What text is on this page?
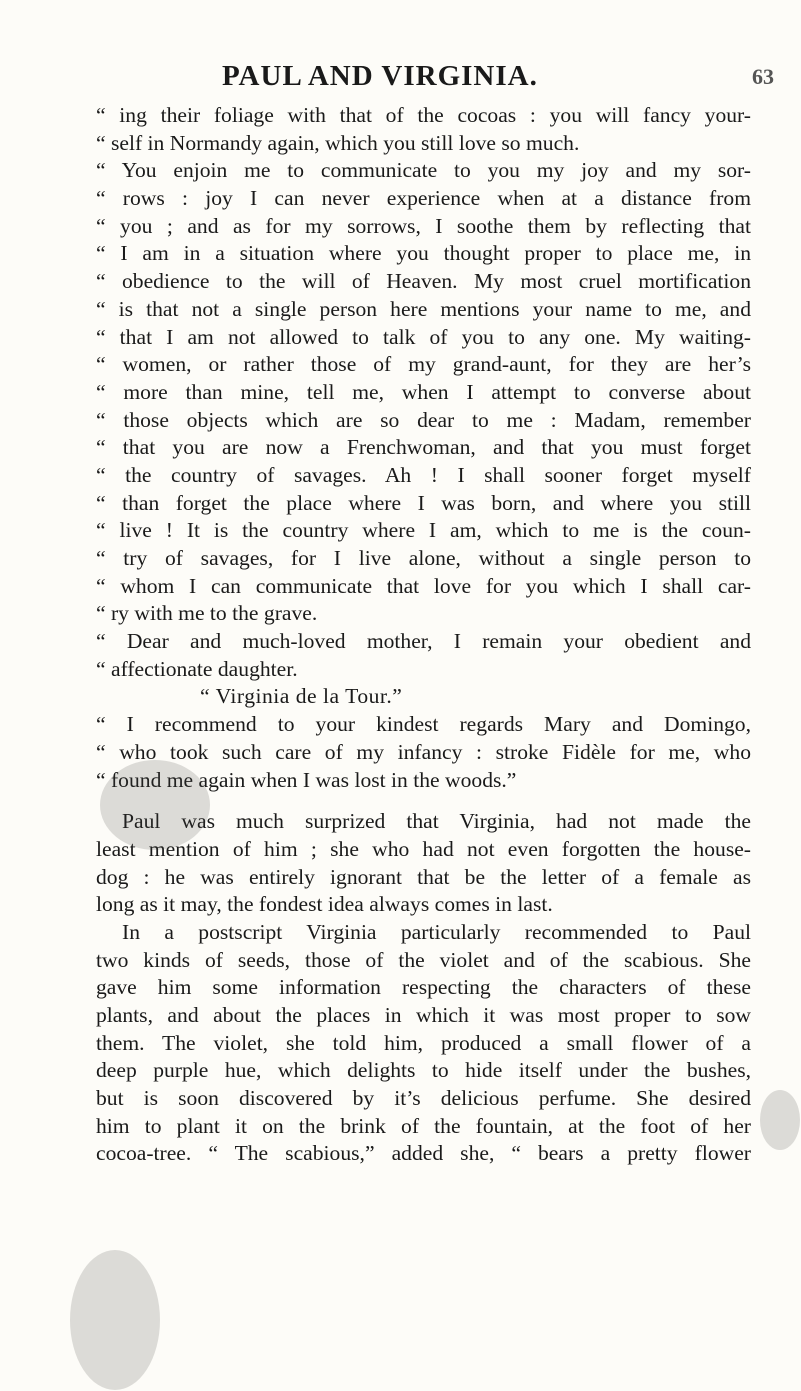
PAUL AND VIRGINIA.	63
“ ing their foliage with that of the cocoas : you will fancy your-
“ self in Normandy again, which you still love so much.
“ You enjoin me to communicate to you my joy and my sor-
“ rows : joy I can never experience when at a distance from
“ you ; and as for my sorrows, I soothe them by reflecting that
“ I am in a situation where you thought proper to place me, in
“ obedience to the will of Heaven. My most cruel mortification
“ is that not a single person here mentions your name to me, and
“ that I am not allowed to talk of you to any one. My waiting-
“ women, or rather those of my grand-aunt, for they are her’s
“ more than mine, tell me, when I attempt to converse about
“ those objects which are so dear to me : Madam, remember
“ that you are now a Frenchwoman, and that you must forget
“ the country of savages. Ah ! I shall sooner forget myself
“ than forget the place where I was born, and where you still
“ live ! It is the country where I am, which to me is the coun-
“ try of savages, for I live alone, without a single person to
“ whom I can communicate that love for you which I shall car-
“ ry with me to the grave.
“ Dear and much-loved mother, I remain your obedient and
“ affectionate daughter.
“ Virginia de la Tour.”
“ I recommend to your kindest regards Mary and Domingo,
“ who took such care of my infancy : stroke Fidèle for me, who
“ found me again when I was lost in the woods.”
Paul was much surprized that Virginia, had not made the
least mention of him ; she who had not even forgotten the house-
dog : he was entirely ignorant that be the letter of a female as
long as it may, the fondest idea always comes in last.
In a postscript Virginia particularly recommended to Paul
two kinds of seeds, those of the violet and of the scabious. She
gave him some information respecting the characters of these
plants, and about the places in which it was most proper to sow
them. The violet, she told him, produced a small flower of a
deep purple hue, which delights to hide itself under the bushes,
but is soon discovered by it’s delicious perfume. She desired
him to plant it on the brink of the fountain, at the foot of her
cocoa-tree. “ The scabious,” added she, “ bears a pretty flower
